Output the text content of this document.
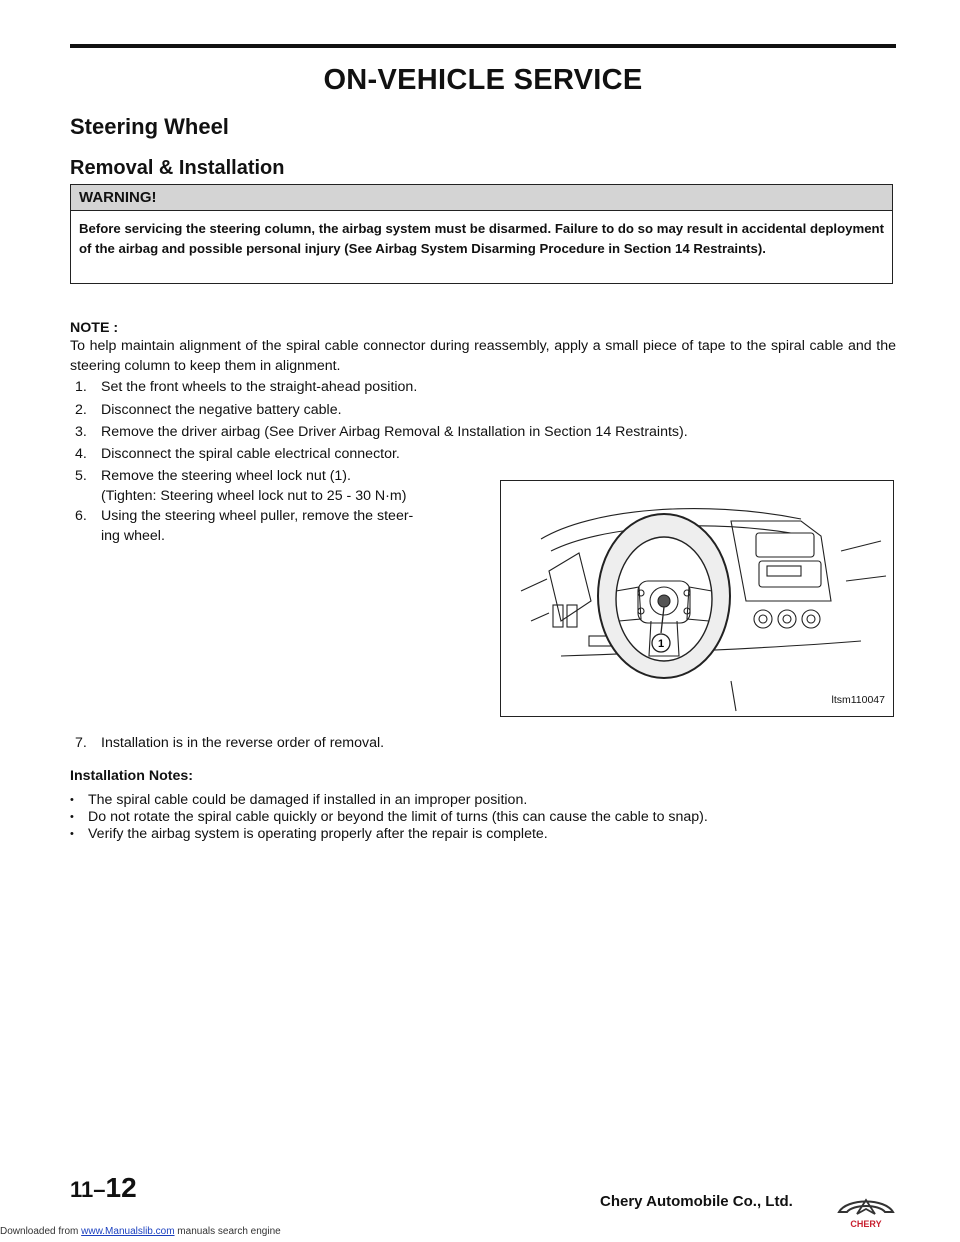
ON-VEHICLE SERVICE
Steering Wheel
Removal & Installation
WARNING!
Before servicing the steering column, the airbag system must be disarmed. Failure to do so may result in accidental deployment of the airbag and possible personal injury (See Airbag System Disarming Procedure in Section 14 Restraints).
NOTE :
To help maintain alignment of the spiral cable connector during reassembly, apply a small piece of tape to the spiral cable and the steering column to keep them in alignment.
1. Set the front wheels to the straight-ahead position.
2. Disconnect the negative battery cable.
3. Remove the driver airbag (See Driver Airbag Removal & Installation in Section 14 Restraints).
4. Disconnect the spiral cable electrical connector.
5. Remove the steering wheel lock nut (1).
(Tighten: Steering wheel lock nut to 25 - 30 N·m)
6. Using the steering wheel puller, remove the steer-
ing wheel.
1
ltsm110047
7. Installation is in the reverse order of removal.
Installation Notes:
• The spiral cable could be damaged if installed in an improper position.
• Do not rotate the spiral cable quickly or beyond the limit of turns (this can cause the cable to snap).
• Verify the airbag system is operating properly after the repair is complete.
11–12	Chery Automobile Co., Ltd.
CHERY
Downloaded from www.Manualslib.com manuals search engine
